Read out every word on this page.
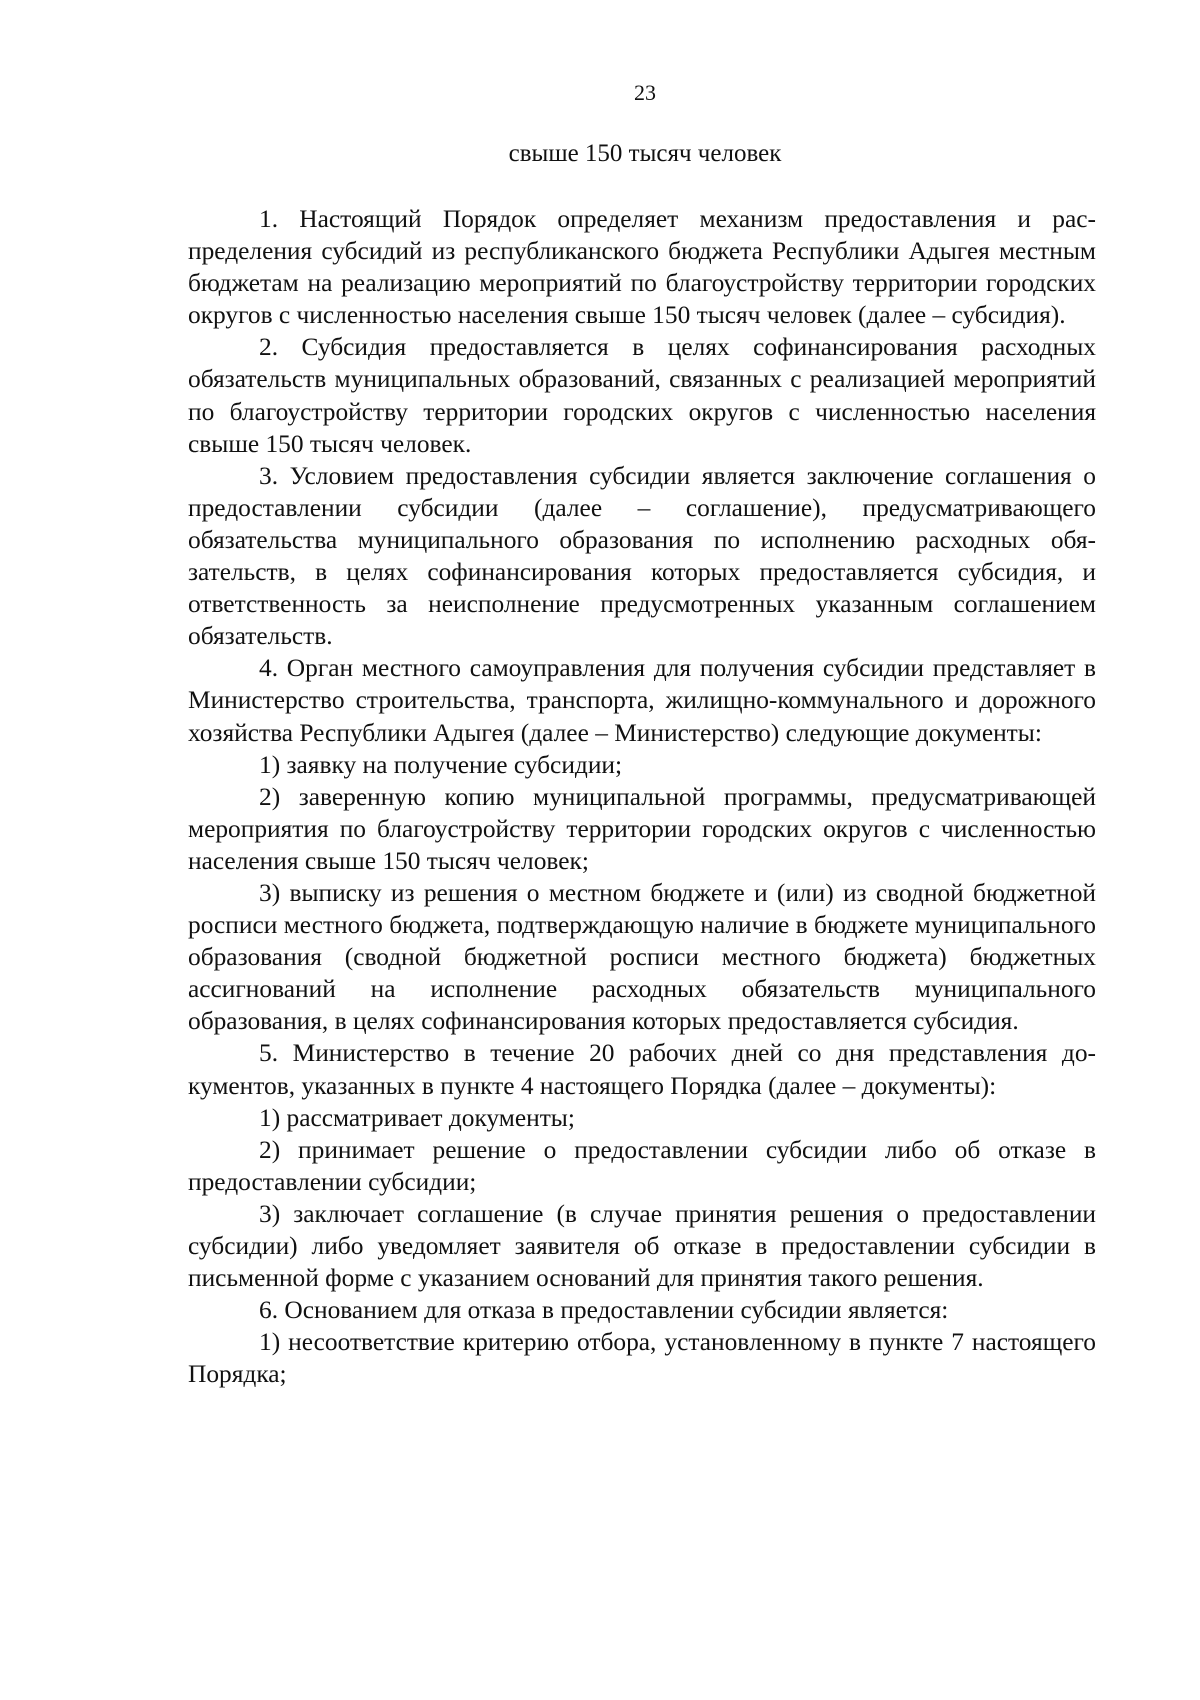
23
свыше 150 тысяч человек

1. Настоящий Порядок определяет механизм предоставления и распределения субсидий из республиканского бюджета Республики Адыгея местным бюджетам на реализацию мероприятий по благоустройству территории городских округов с численностью населения свыше 150 тысяч человек (далее – субсидия).

2. Субсидия предоставляется в целях софинансирования расходных обязательств муниципальных образований, связанных с реализацией мероприятий по благоустройству территории городских округов с численностью населения свыше 150 тысяч человек.

3. Условием предоставления субсидии является заключение соглашения о предоставлении субсидии (далее – соглашение), предусматривающего обязательства муниципального образования по исполнению расходных обязательств, в целях софинансирования которых предоставляется субсидия, и ответственность за неисполнение предусмотренных указанным соглашением обязательств.

4. Орган местного самоуправления для получения субсидии представляет в Министерство строительства, транспорта, жилищно-коммунального и дорожного хозяйства Республики Адыгея (далее – Министерство) следующие документы:

1) заявку на получение субсидии;

2) заверенную копию муниципальной программы, предусматривающей мероприятия по благоустройству территории городских округов с численностью населения свыше 150 тысяч человек;

3) выписку из решения о местном бюджете и (или) из сводной бюджетной росписи местного бюджета, подтверждающую наличие в бюджете муниципального образования (сводной бюджетной росписи местного бюджета) бюджетных ассигнований на исполнение расходных обязательств муниципального образования, в целях софинансирования которых предоставляется субсидия.

5. Министерство в течение 20 рабочих дней со дня представления документов, указанных в пункте 4 настоящего Порядка (далее – документы):

1) рассматривает документы;

2) принимает решение о предоставлении субсидии либо об отказе в предоставлении субсидии;

3) заключает соглашение (в случае принятия решения о предоставлении субсидии) либо уведомляет заявителя об отказе в предоставлении субсидии в письменной форме с указанием оснований для принятия такого решения.

6. Основанием для отказа в предоставлении субсидии является:

1) несоответствие критерию отбора, установленному в пункте 7 настоящего Порядка;
